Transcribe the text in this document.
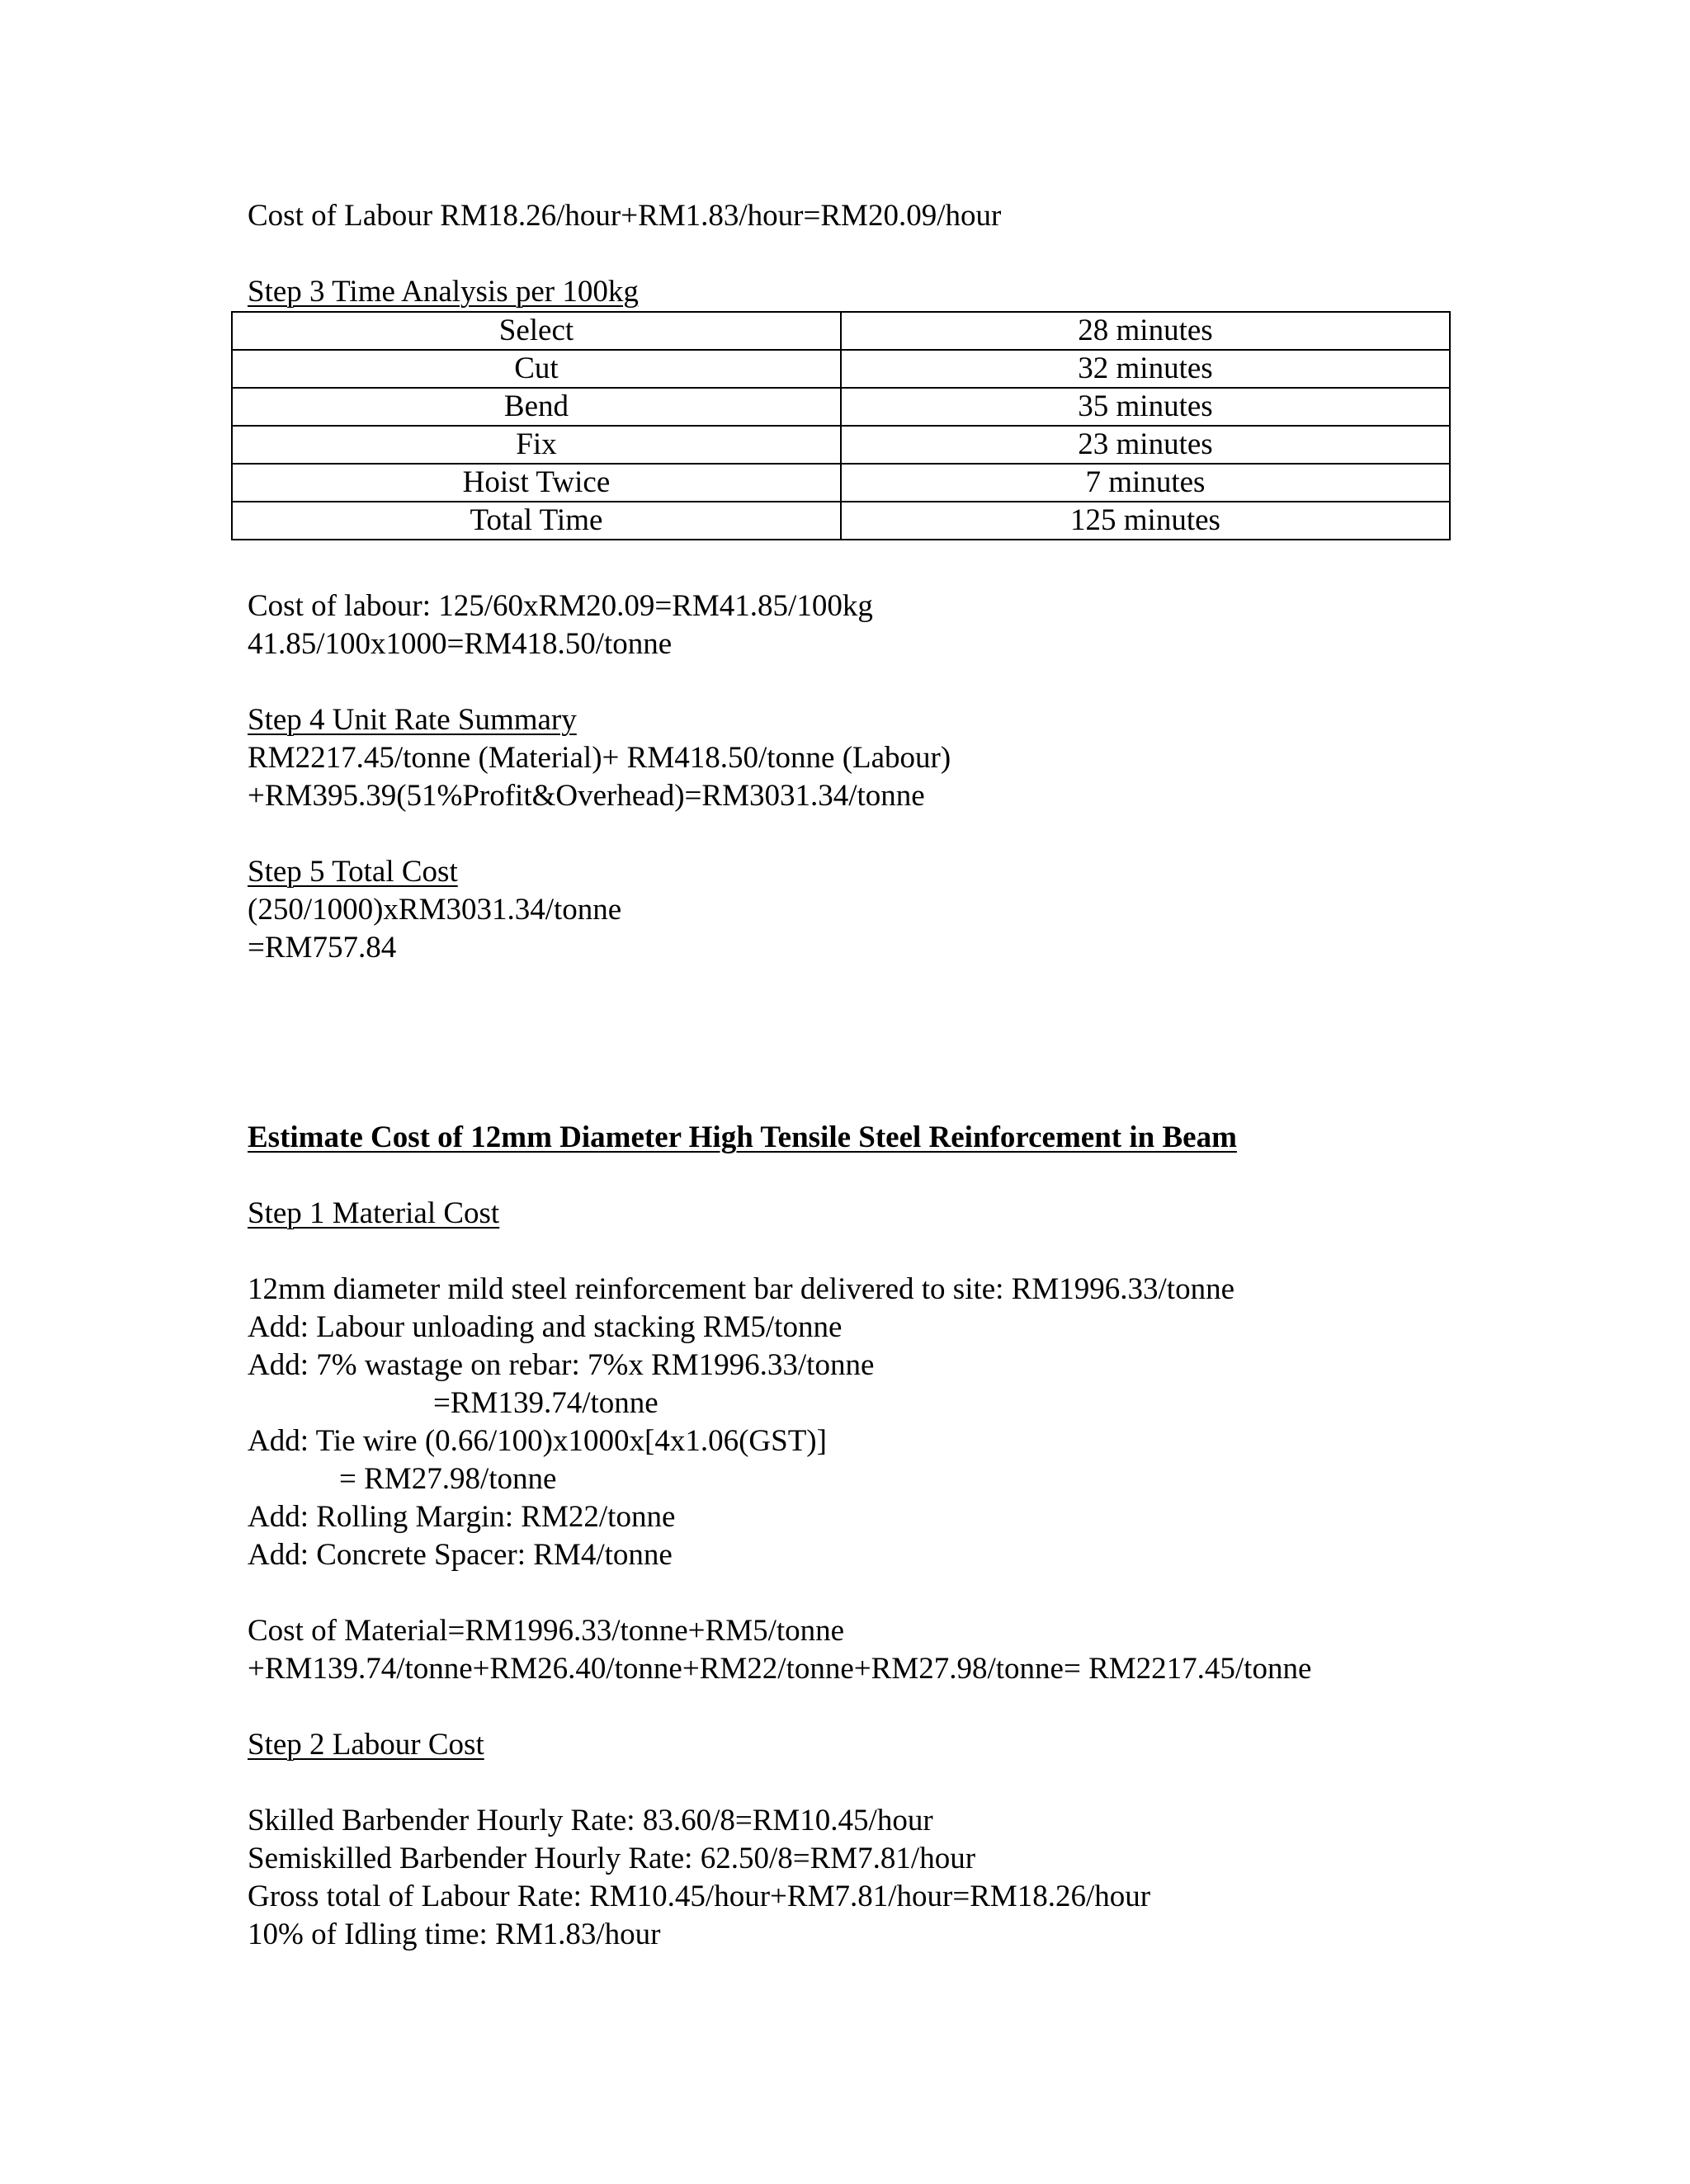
Cost of Labour RM18.26/hour+RM1.83/hour=RM20.09/hour
Step 3 Time Analysis per 100kg
Select	28 minutes
Cut	32 minutes
Bend	35 minutes
Fix	23 minutes
Hoist Twice	7 minutes
Total Time	125 minutes
Cost of labour: 125/60xRM20.09=RM41.85/100kg
41.85/100x1000=RM418.50/tonne
Step 4 Unit Rate Summary
RM2217.45/tonne (Material)+ RM418.50/tonne (Labour)
+RM395.39(51%Profit&Overhead)=RM3031.34/tonne
Step 5 Total Cost
(250/1000)xRM3031.34/tonne
=RM757.84
Estimate Cost of 12mm Diameter High Tensile Steel Reinforcement in Beam
Step 1 Material Cost
12mm diameter mild steel reinforcement bar delivered to site: RM1996.33/tonne
Add: Labour unloading and stacking RM5/tonne
Add: 7% wastage on rebar: 7%x RM1996.33/tonne
=RM139.74/tonne
Add: Tie wire (0.66/100)x1000x[4x1.06(GST)]
= RM27.98/tonne
Add: Rolling Margin: RM22/tonne
Add: Concrete Spacer: RM4/tonne
Cost of Material=RM1996.33/tonne+RM5/tonne
+RM139.74/tonne+RM26.40/tonne+RM22/tonne+RM27.98/tonne= RM2217.45/tonne
Step 2 Labour Cost
Skilled Barbender Hourly Rate: 83.60/8=RM10.45/hour
Semiskilled Barbender Hourly Rate: 62.50/8=RM7.81/hour
Gross total of Labour Rate: RM10.45/hour+RM7.81/hour=RM18.26/hour
10% of Idling time: RM1.83/hour
